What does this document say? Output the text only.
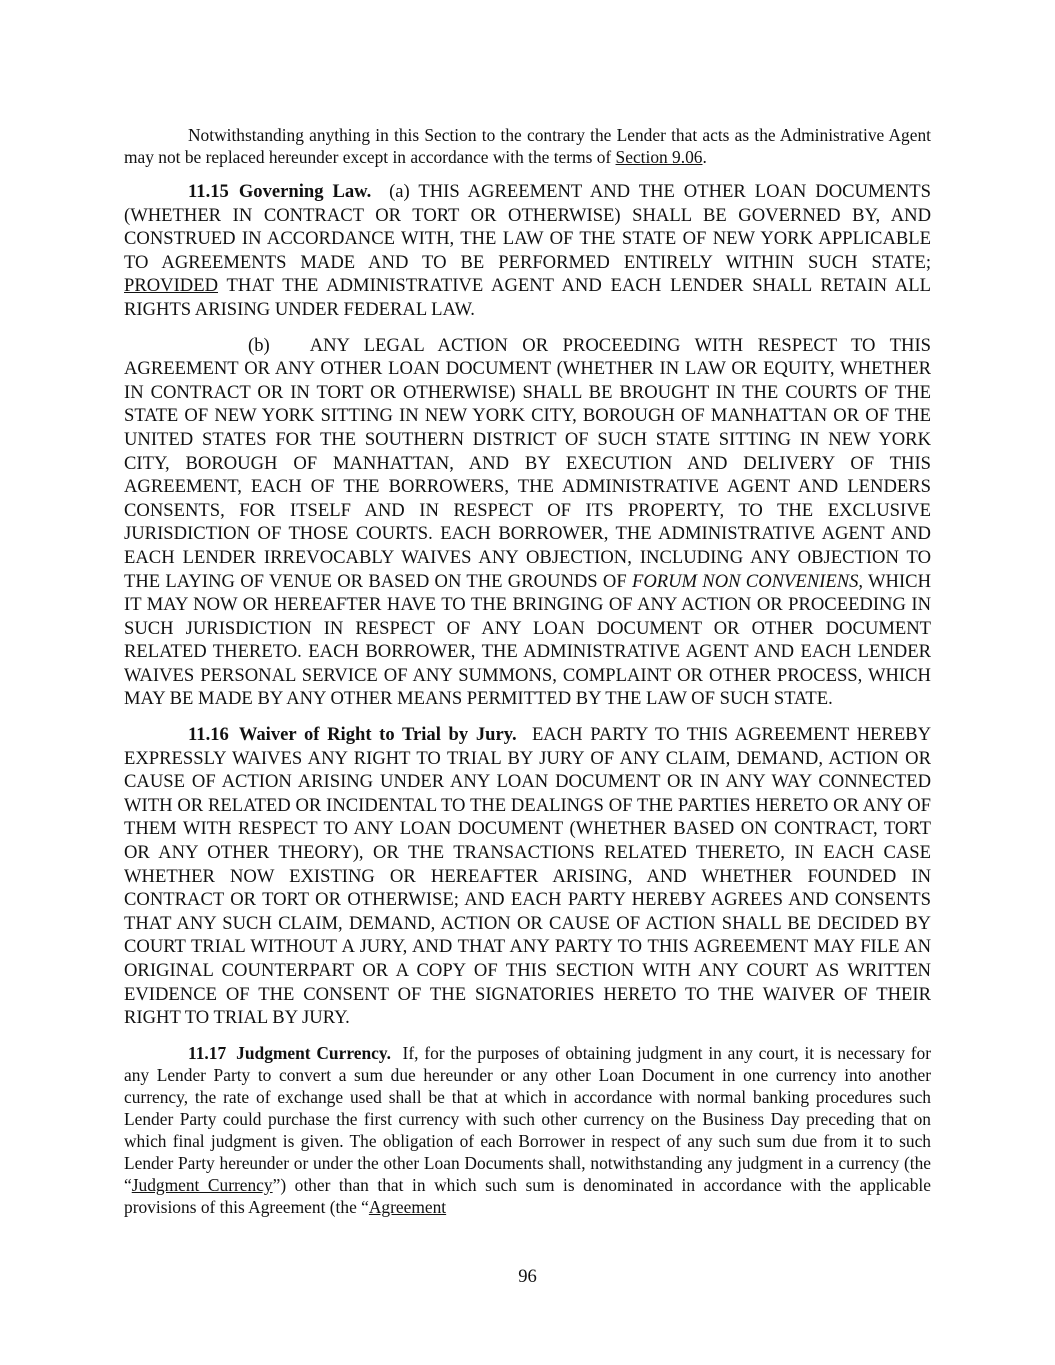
Notwithstanding anything in this Section to the contrary the Lender that acts as the Administrative Agent may not be replaced hereunder except in accordance with the terms of Section 9.06.

11.15 Governing Law. (a) THIS AGREEMENT AND THE OTHER LOAN DOCUMENTS (WHETHER IN CONTRACT OR TORT OR OTHERWISE) SHALL BE GOVERNED BY, AND CONSTRUED IN ACCORDANCE WITH, THE LAW OF THE STATE OF NEW YORK APPLICABLE TO AGREEMENTS MADE AND TO BE PERFORMED ENTIRELY WITHIN SUCH STATE; PROVIDED THAT THE ADMINISTRATIVE AGENT AND EACH LENDER SHALL RETAIN ALL RIGHTS ARISING UNDER FEDERAL LAW.

(b) ANY LEGAL ACTION OR PROCEEDING WITH RESPECT TO THIS AGREEMENT OR ANY OTHER LOAN DOCUMENT (WHETHER IN LAW OR EQUITY, WHETHER IN CONTRACT OR IN TORT OR OTHERWISE) SHALL BE BROUGHT IN THE COURTS OF THE STATE OF NEW YORK SITTING IN NEW YORK CITY, BOROUGH OF MANHATTAN OR OF THE UNITED STATES FOR THE SOUTHERN DISTRICT OF SUCH STATE SITTING IN NEW YORK CITY, BOROUGH OF MANHATTAN, AND BY EXECUTION AND DELIVERY OF THIS AGREEMENT, EACH OF THE BORROWERS, THE ADMINISTRATIVE AGENT AND LENDERS CONSENTS, FOR ITSELF AND IN RESPECT OF ITS PROPERTY, TO THE EXCLUSIVE JURISDICTION OF THOSE COURTS. EACH BORROWER, THE ADMINISTRATIVE AGENT AND EACH LENDER IRREVOCABLY WAIVES ANY OBJECTION, INCLUDING ANY OBJECTION TO THE LAYING OF VENUE OR BASED ON THE GROUNDS OF FORUM NON CONVENIENS, WHICH IT MAY NOW OR HEREAFTER HAVE TO THE BRINGING OF ANY ACTION OR PROCEEDING IN SUCH JURISDICTION IN RESPECT OF ANY LOAN DOCUMENT OR OTHER DOCUMENT RELATED THERETO. EACH BORROWER, THE ADMINISTRATIVE AGENT AND EACH LENDER WAIVES PERSONAL SERVICE OF ANY SUMMONS, COMPLAINT OR OTHER PROCESS, WHICH MAY BE MADE BY ANY OTHER MEANS PERMITTED BY THE LAW OF SUCH STATE.

11.16 Waiver of Right to Trial by Jury. EACH PARTY TO THIS AGREEMENT HEREBY EXPRESSLY WAIVES ANY RIGHT TO TRIAL BY JURY OF ANY CLAIM, DEMAND, ACTION OR CAUSE OF ACTION ARISING UNDER ANY LOAN DOCUMENT OR IN ANY WAY CONNECTED WITH OR RELATED OR INCIDENTAL TO THE DEALINGS OF THE PARTIES HERETO OR ANY OF THEM WITH RESPECT TO ANY LOAN DOCUMENT (WHETHER BASED ON CONTRACT, TORT OR ANY OTHER THEORY), OR THE TRANSACTIONS RELATED THERETO, IN EACH CASE WHETHER NOW EXISTING OR HEREAFTER ARISING, AND WHETHER FOUNDED IN CONTRACT OR TORT OR OTHERWISE; AND EACH PARTY HEREBY AGREES AND CONSENTS THAT ANY SUCH CLAIM, DEMAND, ACTION OR CAUSE OF ACTION SHALL BE DECIDED BY COURT TRIAL WITHOUT A JURY, AND THAT ANY PARTY TO THIS AGREEMENT MAY FILE AN ORIGINAL COUNTERPART OR A COPY OF THIS SECTION WITH ANY COURT AS WRITTEN EVIDENCE OF THE CONSENT OF THE SIGNATORIES HERETO TO THE WAIVER OF THEIR RIGHT TO TRIAL BY JURY.

11.17 Judgment Currency. If, for the purposes of obtaining judgment in any court, it is necessary for any Lender Party to convert a sum due hereunder or any other Loan Document in one currency into another currency, the rate of exchange used shall be that at which in accordance with normal banking procedures such Lender Party could purchase the first currency with such other currency on the Business Day preceding that on which final judgment is given. The obligation of each Borrower in respect of any such sum due from it to such Lender Party hereunder or under the other Loan Documents shall, notwithstanding any judgment in a currency (the “Judgment Currency”) other than that in which such sum is denominated in accordance with the applicable provisions of this Agreement (the “Agreement

96
